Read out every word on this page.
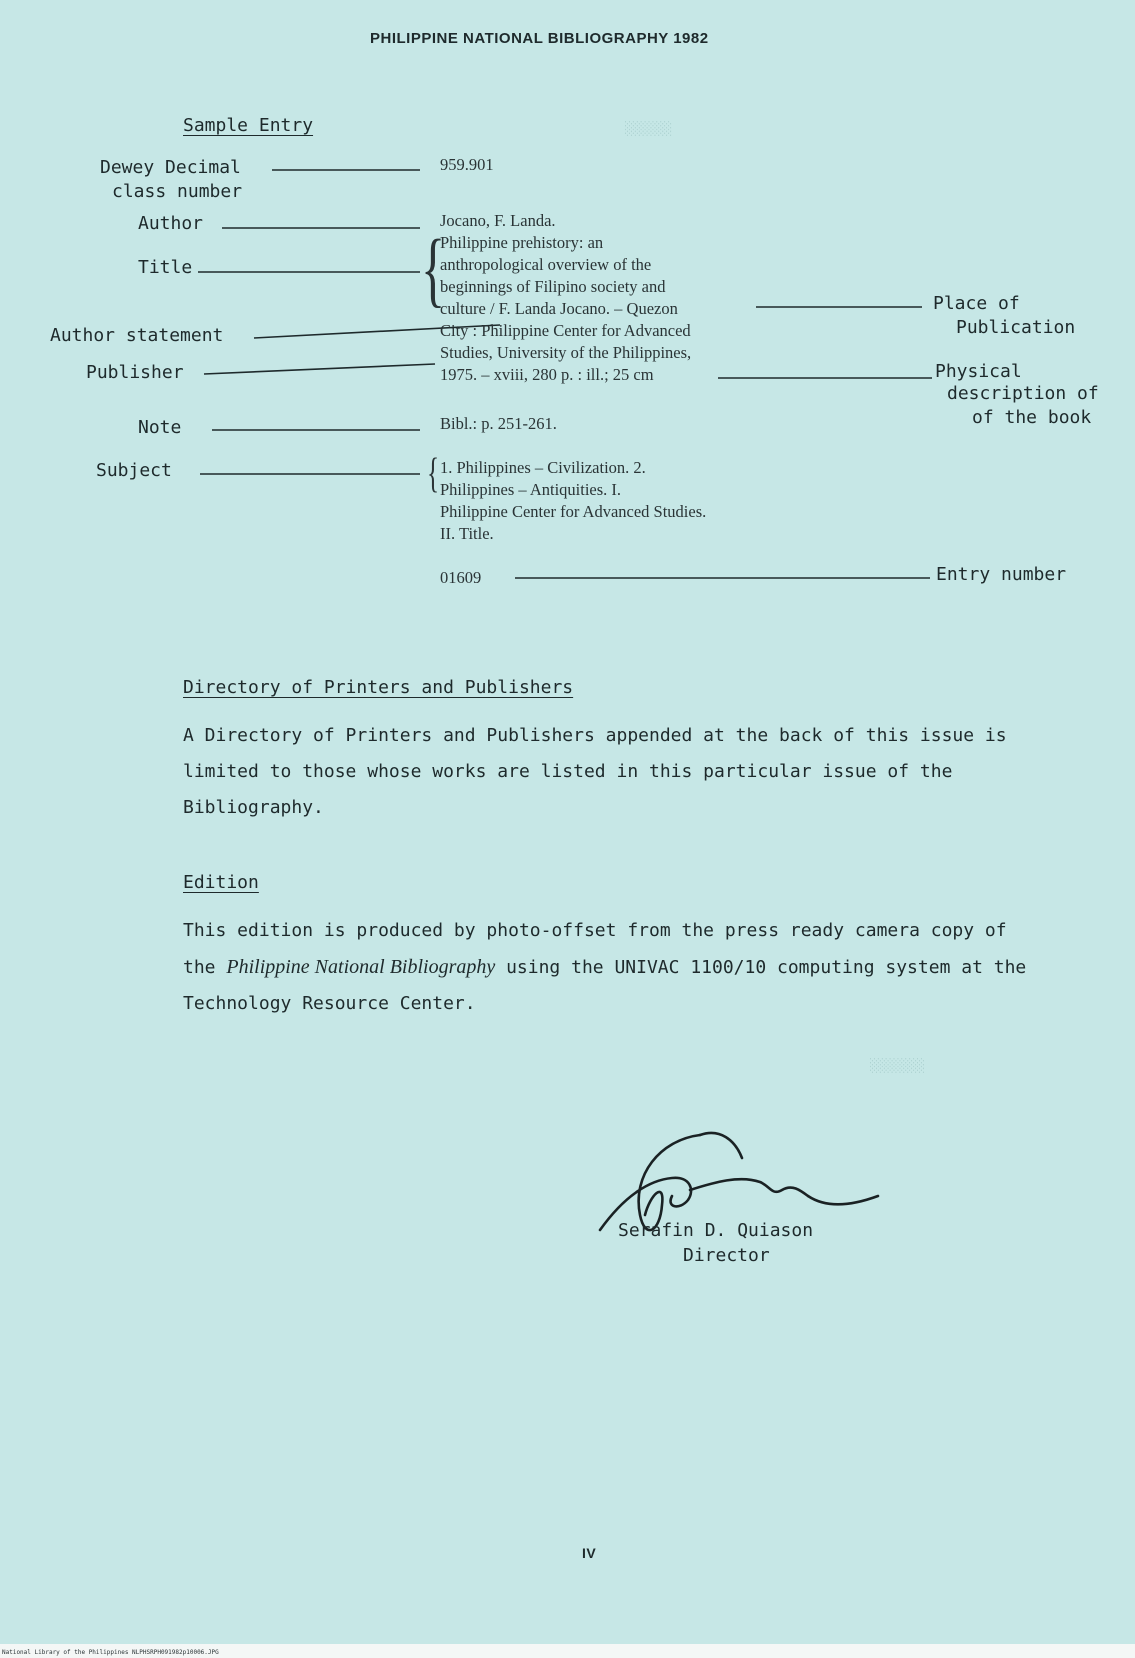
░░░░░░
░░░░░░░
PHILIPPINE NATIONAL BIBLIOGRAPHY 1982
Sample Entry
Dewey Decimal
class number
Author
Title
Author statement
Publisher
Note
Subject
{
{
959.901
Jocano, F. Landa.
Philippine prehistory: an
anthropological overview of the
beginnings of Filipino society and
culture / F. Landa Jocano. – Quezon
City : Philippine Center for Advanced
Studies, University of the Philippines,
1975. – xviii, 280 p. : ill.; 25 cm
Bibl.: p. 251-261.
1. Philippines – Civilization. 2.
Philippines – Antiquities. I.
Philippine Center for Advanced Studies.
II. Title.
01609
Place of
Publication
Physical
description of
of the book
Entry number
Directory of Printers and Publishers
A Directory of Printers and Publishers appended at the back of this issue is limited to those whose works are listed in this particular issue of the Bibliography.
Edition
This edition is produced by photo-offset from the press ready camera copy of the Philippine National Bibliography using the UNIVAC 1100/10 computing system at the Technology Resource Center.
Serafin D. Quiason
Director
IV
National Library of the Philippines NLPHSRPH091982p10006.JPG
